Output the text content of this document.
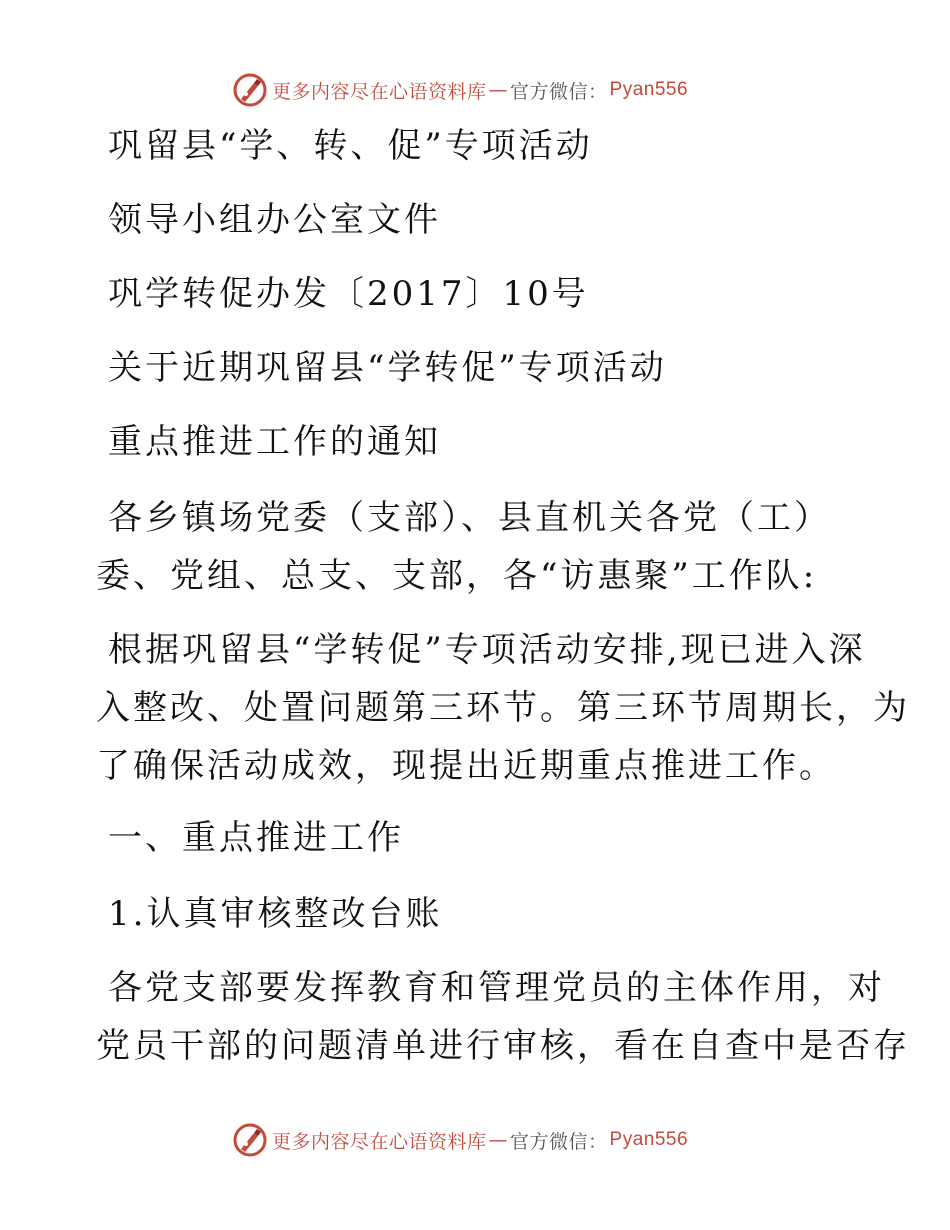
更多内容尽在心语资料库 — 官方微信： Pyan556
巩留县“学、转、促”专项活动
领导小组办公室文件
巩学转促办发〔2017〕10号
关于近期巩留县“学转促”专项活动
重点推进工作的通知
各乡镇场党委（支部）、县直机关各党（工）
委、党组、总支、支部，各“访惠聚”工作队:
根据巩留县“学转促”专项活动安排,现已进入深
入整改、处置问题第三环节。第三环节周期长，为
了确保活动成效，现提出近期重点推进工作。
一、重点推进工作
1.认真审核整改台账
各党支部要发挥教育和管理党员的主体作用，对
党员干部的问题清单进行审核，看在自查中是否存
更多内容尽在心语资料库 — 官方微信： Pyan556
